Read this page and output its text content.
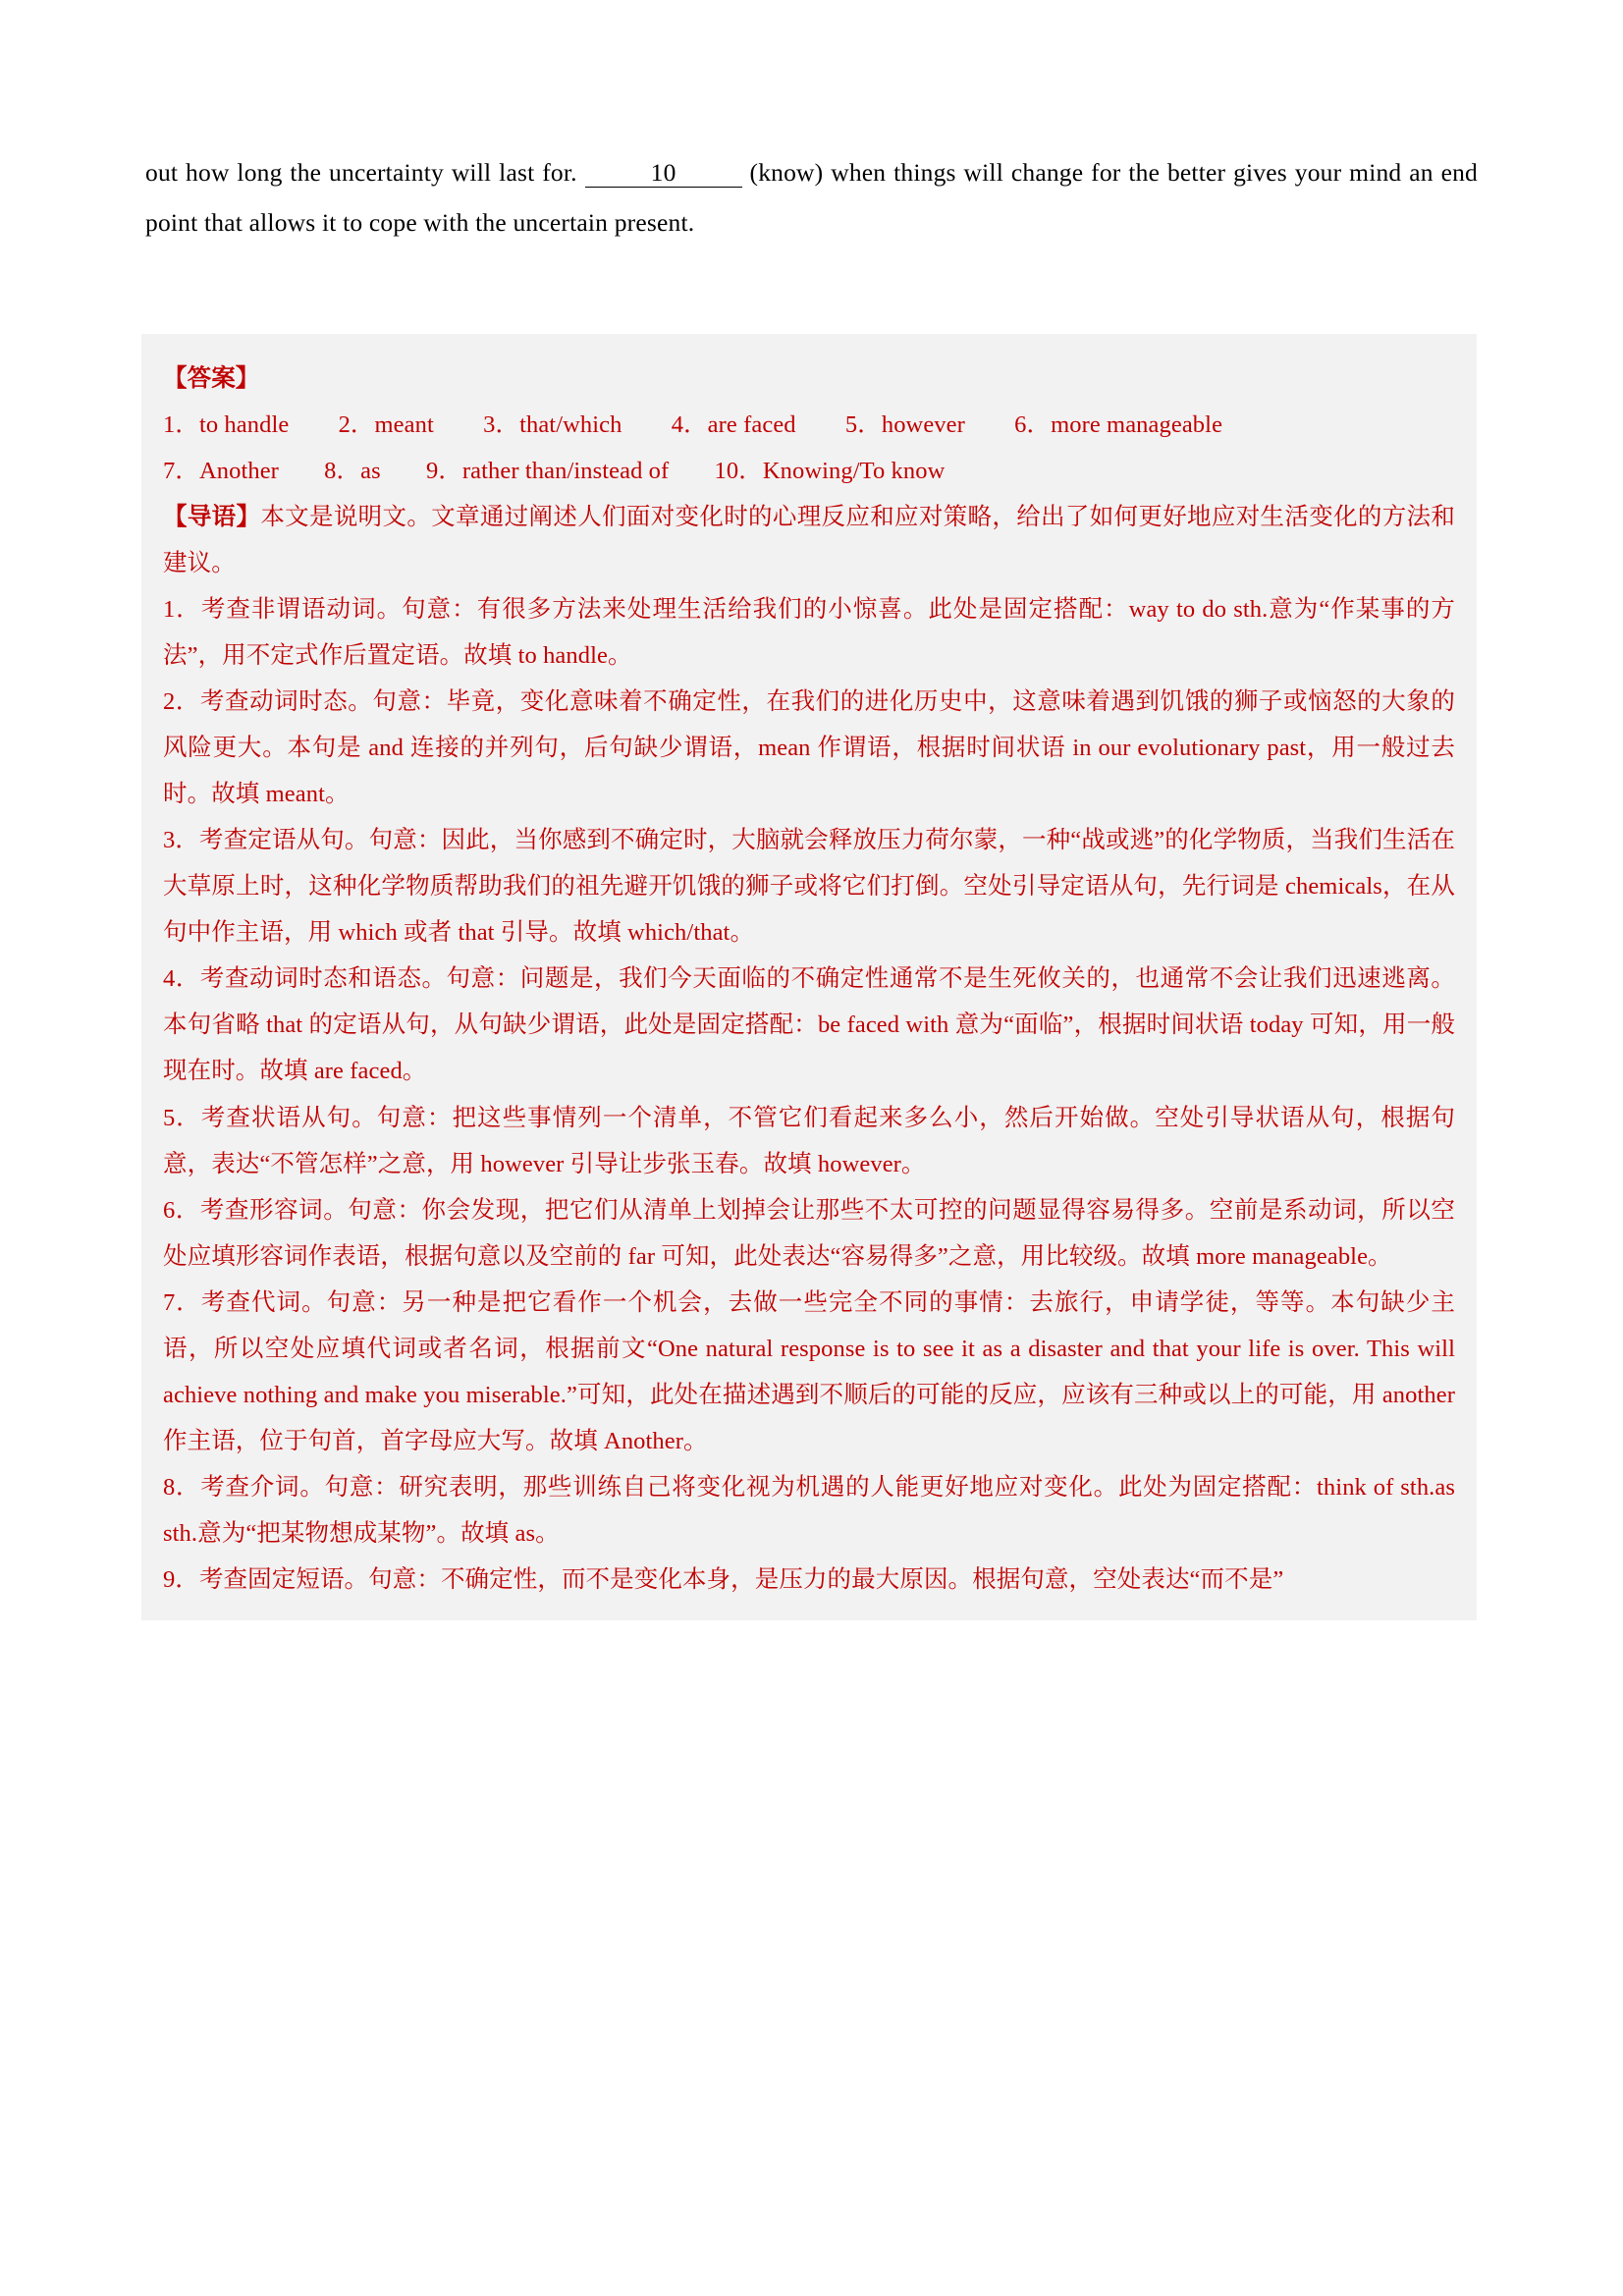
out how long the uncertainty will last for.	10	(know) when things will change for the better gives your mind an end point that allows it to cope with the uncertain present.

【答案】

1．to handle 2．meant 3．that/which 4．are faced 5．however 6．more manageable

7．Another 8．as 9．rather than/instead of 10．Knowing/To know

【导语】本文是说明文。文章通过阐述人们面对变化时的心理反应和应对策略，给出了如何更好地应对生活变化的方法和建议。

1．考查非谓语动词。句意：有很多方法来处理生活给我们的小惊喜。此处是固定搭配：way to do sth.意为“作某事的方法”，用不定式作后置定语。故填 to handle。

2．考查动词时态。句意：毕竟，变化意味着不确定性，在我们的进化历史中，这意味着遇到饥饿的狮子或恼怒的大象的风险更大。本句是 and 连接的并列句，后句缺少谓语，mean 作谓语，根据时间状语 in our evolutionary past，用一般过去时。故填 meant。

3．考查定语从句。句意：因此，当你感到不确定时，大脑就会释放压力荷尔蒙，一种“战或逃”的化学物质，当我们生活在大草原上时，这种化学物质帮助我们的祖先避开饥饿的狮子或将它们打倒。空处引导定语从句，先行词是 chemicals，在从句中作主语，用 which 或者 that 引导。故填 which/that。

4．考查动词时态和语态。句意：问题是，我们今天面临的不确定性通常不是生死攸关的，也通常不会让我们迅速逃离。本句省略 that 的定语从句，从句缺少谓语，此处是固定搭配：be faced with 意为“面临”，根据时间状语 today 可知，用一般现在时。故填 are faced。

5．考查状语从句。句意：把这些事情列一个清单，不管它们看起来多么小，然后开始做。空处引导状语从句，根据句意，表达“不管怎样”之意，用 however 引导让步张玉春。故填 however。

6．考查形容词。句意：你会发现，把它们从清单上划掉会让那些不太可控的问题显得容易得多。空前是系动词，所以空处应填形容词作表语，根据句意以及空前的 far 可知，此处表达“容易得多”之意，用比较级。故填 more manageable。

7．考查代词。句意：另一种是把它看作一个机会，去做一些完全不同的事情：去旅行，申请学徒，等等。本句缺少主语，所以空处应填代词或者名词，根据前文“One natural response is to see it as a disaster and that your life is over. This will achieve nothing and make you miserable.”可知，此处在描述遇到不顺后的可能的反应，应该有三种或以上的可能，用 another 作主语，位于句首，首字母应大写。故填 Another。

8．考查介词。句意：研究表明，那些训练自己将变化视为机遇的人能更好地应对变化。此处为固定搭配：think of sth.as sth.意为“把某物想成某物”。故填 as。

9．考查固定短语。句意：不确定性，而不是变化本身，是压力的最大原因。根据句意，空处表达“而不是”
